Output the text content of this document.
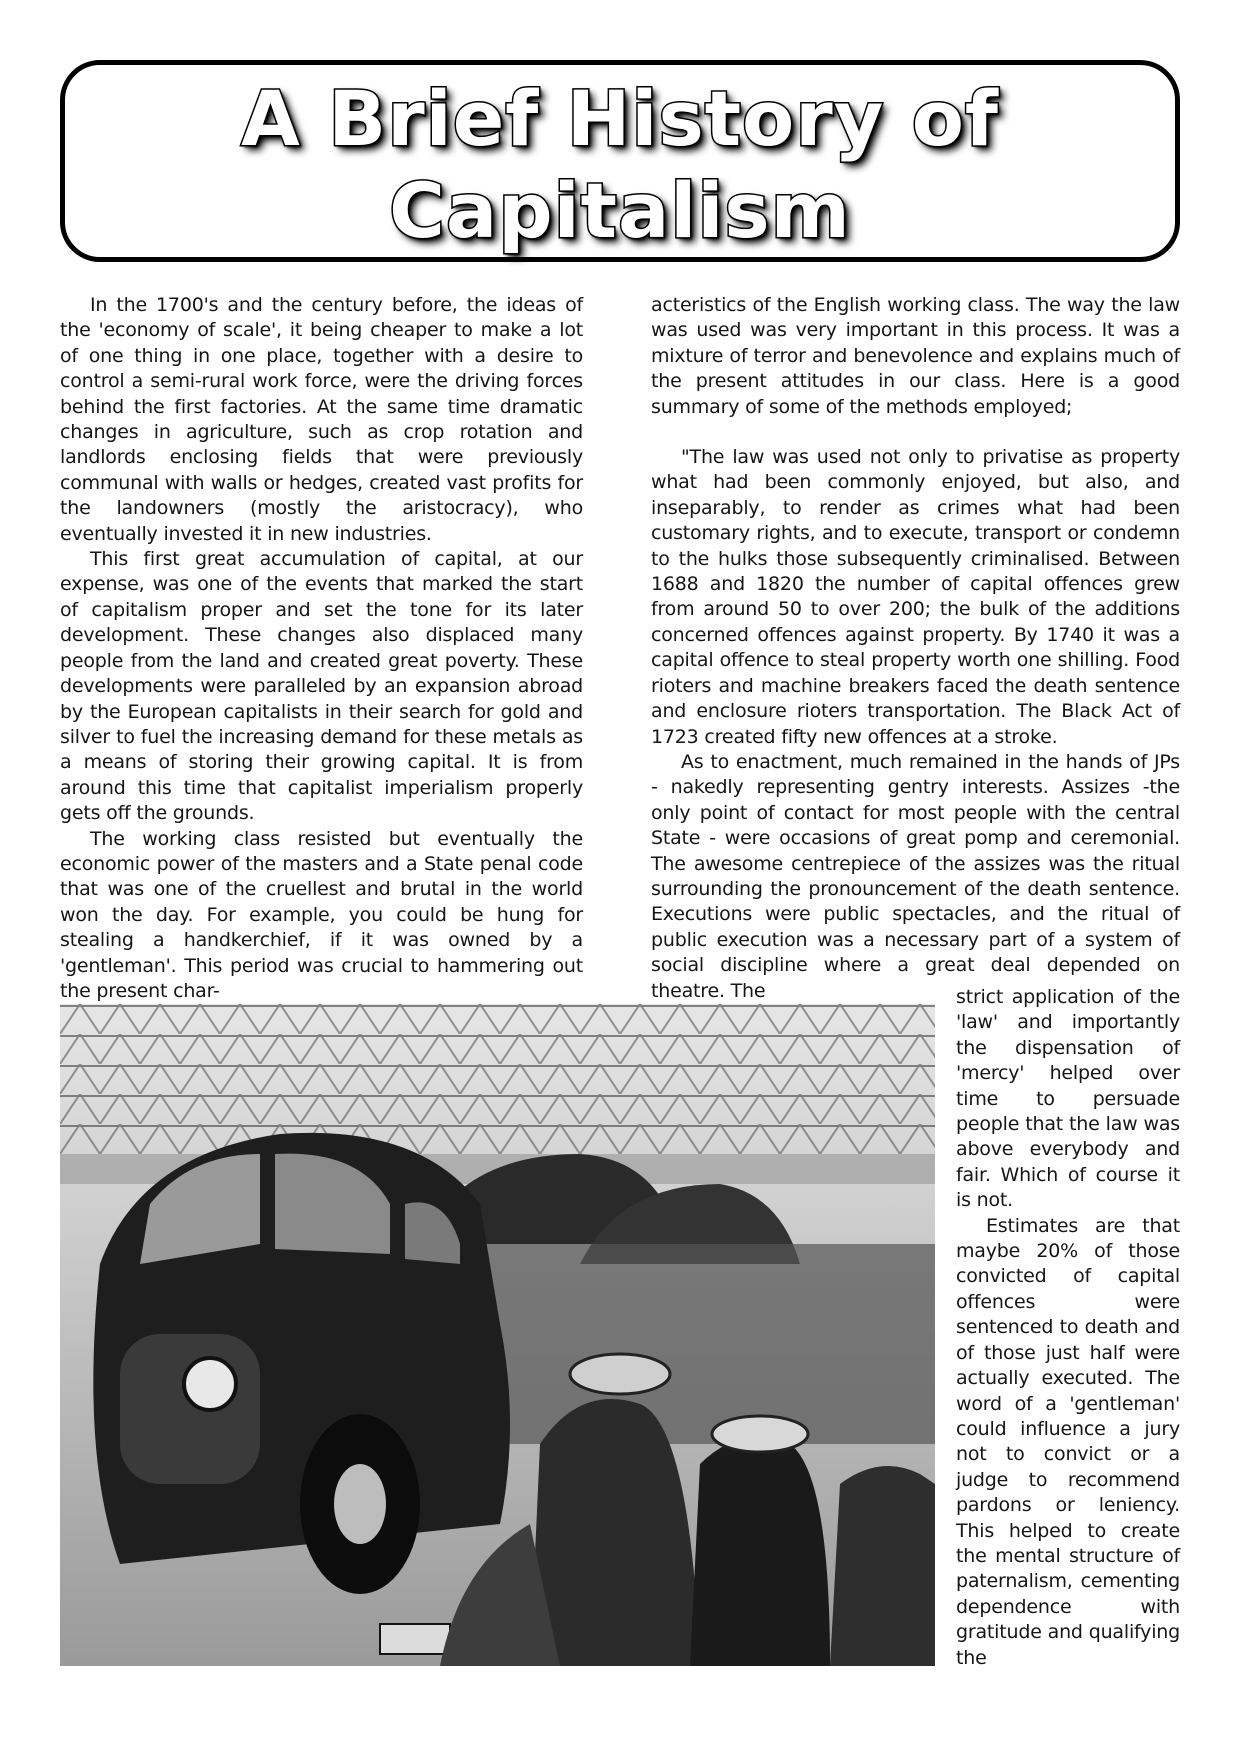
A Brief History of
Capitalism

In the 1700's and the century before, the ideas of the 'economy of scale', it being cheaper to make a lot of one thing in one place, together with a desire to control a semi-rural work force, were the driving forces behind the first factories. At the same time dramatic changes in agriculture, such as crop rotation and landlords enclosing fields that were previously communal with walls or hedges, created vast profits for the landowners (mostly the aristocracy), who eventually invested it in new industries.

This first great accumulation of capital, at our expense, was one of the events that marked the start of capitalism proper and set the tone for its later development. These changes also displaced many people from the land and created great poverty. These developments were paralleled by an expansion abroad by the European capitalists in their search for gold and silver to fuel the increasing demand for these metals as a means of storing their growing capital. It is from around this time that capitalist imperialism properly gets off the grounds.

The working class resisted but eventually the economic power of the masters and a State penal code that was one of the cruellest and brutal in the world won the day. For example, you could be hung for stealing a handkerchief, if it was owned by a 'gentleman'. This period was crucial to hammering out the present char-

acteristics of the English working class. The way the law was used was very important in this process. It was a mixture of terror and benevolence and explains much of the present attitudes in our class. Here is a good summary of some of the methods employed;

"The law was used not only to privatise as property what had been commonly enjoyed, but also, and inseparably, to render as crimes what had been customary rights, and to execute, transport or condemn to the hulks those subsequently criminalised. Between 1688 and 1820 the number of capital offences grew from around 50 to over 200; the bulk of the additions concerned offences against property. By 1740 it was a capital offence to steal property worth one shilling. Food rioters and machine breakers faced the death sentence and enclosure rioters transportation. The Black Act of 1723 created fifty new offences at a stroke.

As to enactment, much remained in the hands of JPs - nakedly representing gentry interests. Assizes -the only point of contact for most people with the central State - were occasions of great pomp and ceremonial. The awesome centrepiece of the assizes was the ritual surrounding the pronouncement of the death sentence. Executions were public spectacles, and the ritual of public execution was a necessary part of a system of social discipline where a great deal depended on theatre. The	strict application of the 'law' and importantly the dispensation of 'mercy' helped over time to persuade people that the law was above everybody and fair. Which of course it is not.

Estimates are that maybe 20% of those convicted of capital offences were sentenced to death and of those just half were actually executed. The word of a 'gentleman' could influence a jury not to convict or a judge to recommend pardons or leniency. This helped to create the mental structure of paternalism, cementing dependence with gratitude and qualifying the
